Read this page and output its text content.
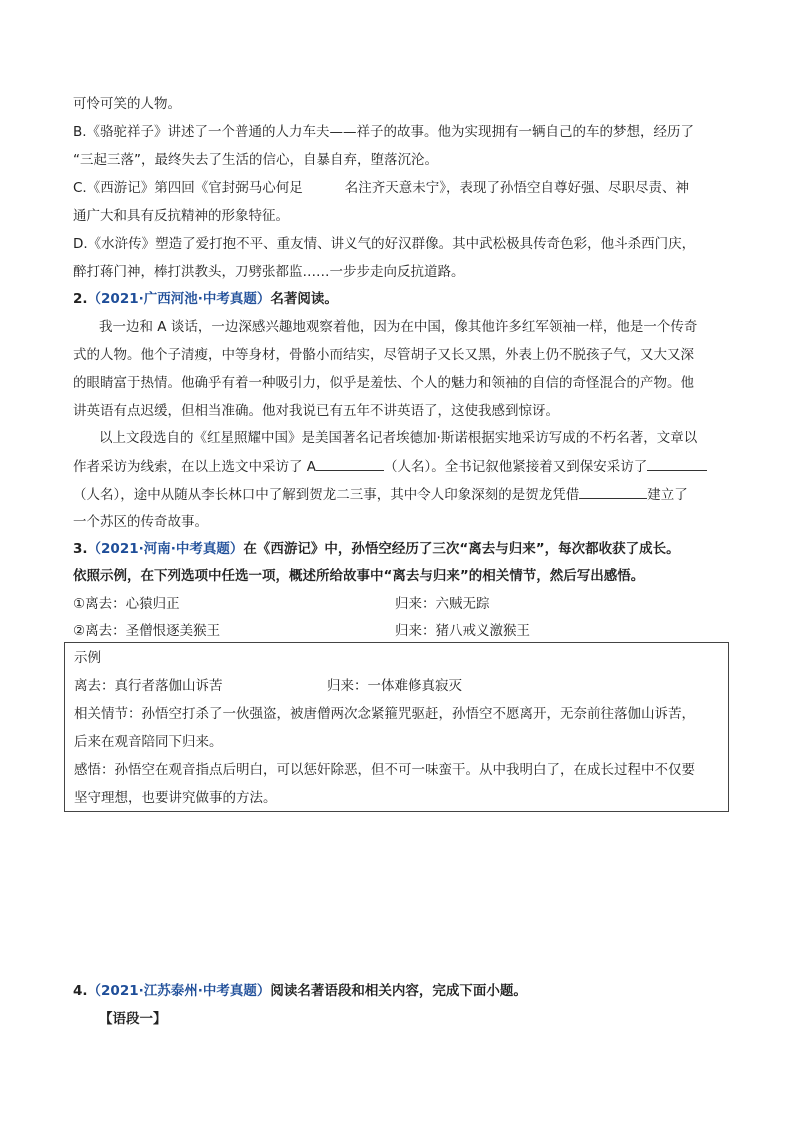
可怜可笑的人物。
B.《骆驼祥子》讲述了一个普通的人力车夫——祥子的故事。他为实现拥有一辆自己的车的梦想，经历了
“三起三落”，最终失去了生活的信心，自暴自弃，堕落沉沦。
C.《西游记》第四回《官封弼马心何足	名注齐天意未宁》，表现了孙悟空自尊好强、尽职尽责、神
通广大和具有反抗精神的形象特征。
D.《水浒传》塑造了爱打抱不平、重友情、讲义气的好汉群像。其中武松极具传奇色彩，他斗杀西门庆，
醉打蒋门神，棒打洪教头，刀劈张都监……一步步走向反抗道路。
2.（2021·广西河池·中考真题）名著阅读。
我一边和 A 谈话，一边深感兴趣地观察着他，因为在中国，像其他许多红军领袖一样，他是一个传奇
式的人物。他个子清瘦，中等身材，骨骼小而结实，尽管胡子又长又黑，外表上仍不脱孩子气，又大又深
的眼睛富于热情。他确乎有着一种吸引力，似乎是羞怯、个人的魅力和领袖的自信的奇怪混合的产物。他
讲英语有点迟缓，但相当准确。他对我说已有五年不讲英语了，这使我感到惊讶。
以上文段选自的《红星照耀中国》是美国著名记者埃德加·斯诺根据实地采访写成的不朽名著，文章以
作者采访为线索，在以上选文中采访了 A	（人名）。全书记叙他紧接着又到保安采访了
（人名），途中从随从李长林口中了解到贺龙二三事，其中令人印象深刻的是贺龙凭借	建立了
一个苏区的传奇故事。
3.（2021·河南·中考真题）在《西游记》中，孙悟空经历了三次“离去与归来”，每次都收获了成长。
依照示例，在下列选项中任选一项，概述所给故事中“离去与归来”的相关情节，然后写出感悟。
①离去：心猿归正	归来：六贼无踪
②离去：圣僧恨逐美猴王	归来：猪八戒义激猴王
示例
离去：真行者落伽山诉苦	归来：一体难修真寂灭
相关情节：孙悟空打杀了一伙强盗，被唐僧两次念紧箍咒驱赶，孙悟空不愿离开，无奈前往落伽山诉苦，
后来在观音陪同下归来。
感悟：孙悟空在观音指点后明白，可以惩奸除恶，但不可一味蛮干。从中我明白了，在成长过程中不仅要
坚守理想，也要讲究做事的方法。
4.（2021·江苏泰州·中考真题）阅读名著语段和相关内容，完成下面小题。
【语段一】
